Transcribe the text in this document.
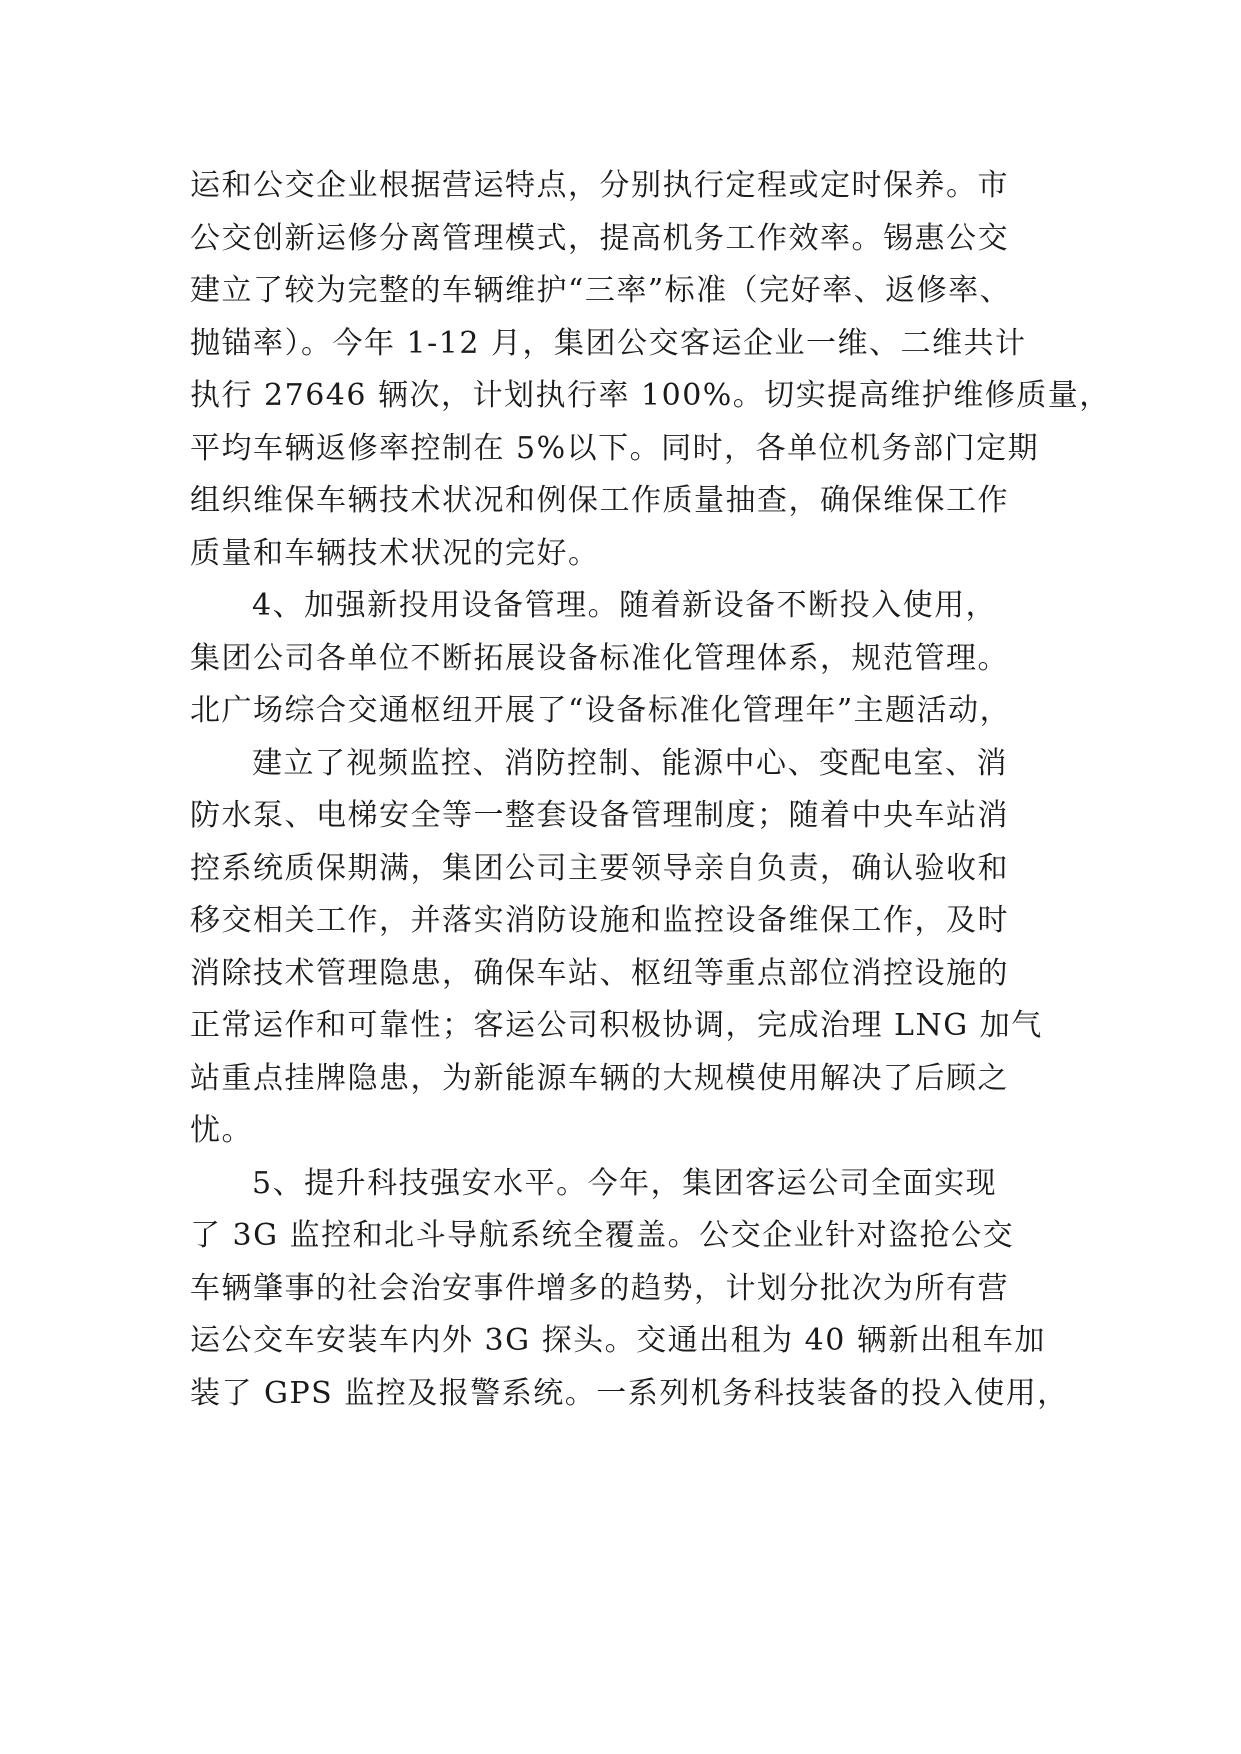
运和公交企业根据营运特点，分别执行定程或定时保养。市
公交创新运修分离管理模式，提高机务工作效率。锡惠公交
建立了较为完整的车辆维护“三率”标准（完好率、返修率、
抛锚率）。今年 1-12 月，集团公交客运企业一维、二维共计
执行 27646 辆次，计划执行率 100%。切实提高维护维修质量，
平均车辆返修率控制在 5%以下。同时，各单位机务部门定期
组织维保车辆技术状况和例保工作质量抽查，确保维保工作
质量和车辆技术状况的完好。
4、加强新投用设备管理。随着新设备不断投入使用，
集团公司各单位不断拓展设备标准化管理体系，规范管理。
北广场综合交通枢纽开展了“设备标准化管理年”主题活动，
建立了视频监控、消防控制、能源中心、变配电室、消
防水泵、电梯安全等一整套设备管理制度；随着中央车站消
控系统质保期满，集团公司主要领导亲自负责，确认验收和
移交相关工作，并落实消防设施和监控设备维保工作，及时
消除技术管理隐患，确保车站、枢纽等重点部位消控设施的
正常运作和可靠性；客运公司积极协调，完成治理 LNG 加气
站重点挂牌隐患，为新能源车辆的大规模使用解决了后顾之
忧。
5、提升科技强安水平。今年，集团客运公司全面实现
了 3G 监控和北斗导航系统全覆盖。公交企业针对盗抢公交
车辆肇事的社会治安事件增多的趋势，计划分批次为所有营
运公交车安装车内外 3G 探头。交通出租为 40 辆新出租车加
装了 GPS 监控及报警系统。一系列机务科技装备的投入使用，
